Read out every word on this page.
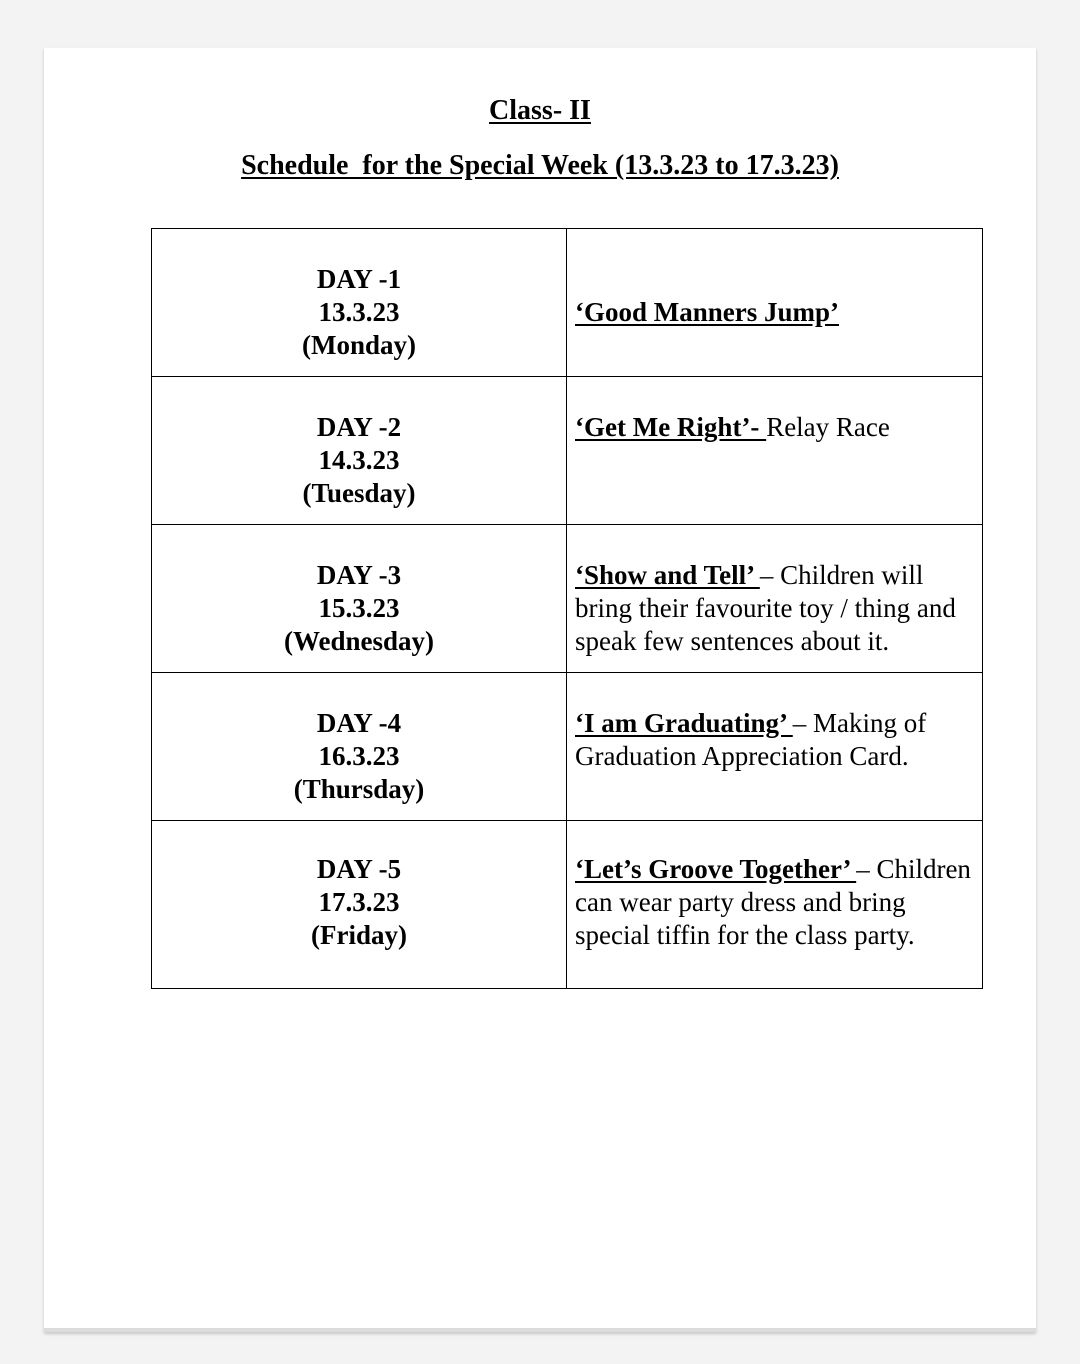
Class- II
Schedule  for the Special Week (13.3.23 to 17.3.23)
DAY -1
13.3.23
(Monday)	‘Good Manners Jump’

DAY -2
14.3.23
(Tuesday)	‘Get Me Right’- Relay Race

DAY -3
15.3.23
(Wednesday)	‘Show and Tell’ – Children will bring their favourite toy / thing and speak few sentences about it.

DAY -4
16.3.23
(Thursday)	‘I am Graduating’ – Making of Graduation Appreciation Card.

DAY -5
17.3.23
(Friday)	‘Let’s Groove Together’ – Children can wear party dress and bring special tiffin for the class party.
